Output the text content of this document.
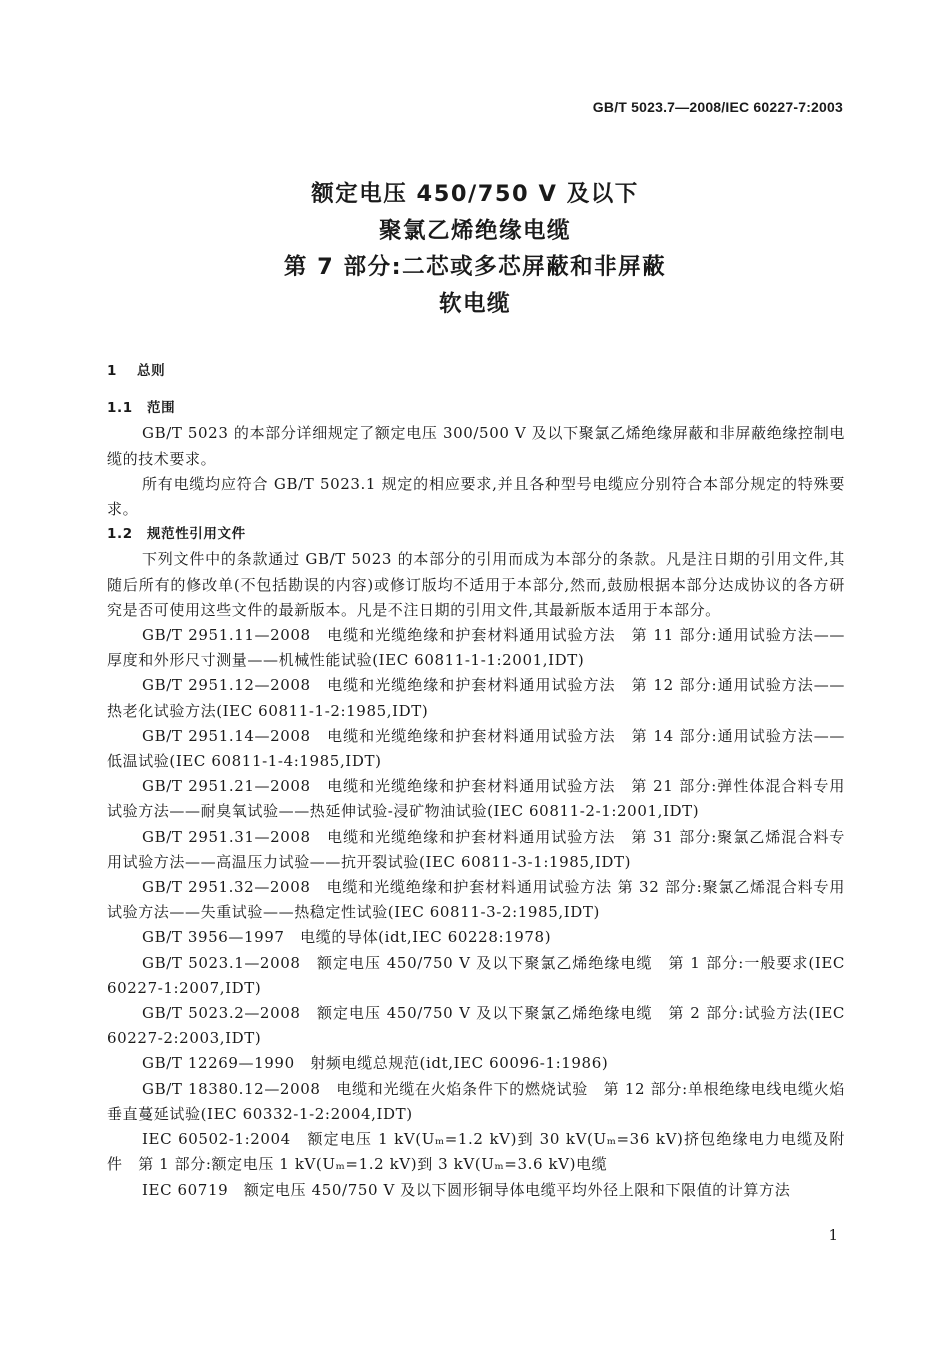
GB/T 5023.7—2008/IEC 60227-7:2003
额定电压 450/750 V 及以下
聚氯乙烯绝缘电缆
第 7 部分:二芯或多芯屏蔽和非屏蔽
软电缆
1 总则
1.1 范围

GB/T 5023 的本部分详细规定了额定电压 300/500 V 及以下聚氯乙烯绝缘屏蔽和非屏蔽绝缘控制电缆的技术要求。

所有电缆均应符合 GB/T 5023.1 规定的相应要求,并且各种型号电缆应分别符合本部分规定的特殊要求。

1.2 规范性引用文件

下列文件中的条款通过 GB/T 5023 的本部分的引用而成为本部分的条款。凡是注日期的引用文件,其随后所有的修改单(不包括勘误的内容)或修订版均不适用于本部分,然而,鼓励根据本部分达成协议的各方研究是否可使用这些文件的最新版本。凡是不注日期的引用文件,其最新版本适用于本部分。

GB/T 2951.11—2008　电缆和光缆绝缘和护套材料通用试验方法　第 11 部分:通用试验方法——厚度和外形尺寸测量——机械性能试验(IEC 60811-1-1:2001,IDT)

GB/T 2951.12—2008　电缆和光缆绝缘和护套材料通用试验方法　第 12 部分:通用试验方法——热老化试验方法(IEC 60811-1-2:1985,IDT)

GB/T 2951.14—2008　电缆和光缆绝缘和护套材料通用试验方法　第 14 部分:通用试验方法——低温试验(IEC 60811-1-4:1985,IDT)

GB/T 2951.21—2008　电缆和光缆绝缘和护套材料通用试验方法　第 21 部分:弹性体混合料专用试验方法——耐臭氧试验——热延伸试验-浸矿物油试验(IEC 60811-2-1:2001,IDT)

GB/T 2951.31—2008　电缆和光缆绝缘和护套材料通用试验方法　第 31 部分:聚氯乙烯混合料专用试验方法——高温压力试验——抗开裂试验(IEC 60811-3-1:1985,IDT)

GB/T 2951.32—2008　电缆和光缆绝缘和护套材料通用试验方法 第 32 部分:聚氯乙烯混合料专用试验方法——失重试验——热稳定性试验(IEC 60811-3-2:1985,IDT)

GB/T 3956—1997　电缆的导体(idt,IEC 60228:1978)

GB/T 5023.1—2008　额定电压 450/750 V 及以下聚氯乙烯绝缘电缆　第 1 部分:一般要求(IEC 60227-1:2007,IDT)

GB/T 5023.2—2008　额定电压 450/750 V 及以下聚氯乙烯绝缘电缆　第 2 部分:试验方法(IEC 60227-2:2003,IDT)

GB/T 12269—1990　射频电缆总规范(idt,IEC 60096-1:1986)

GB/T 18380.12—2008　电缆和光缆在火焰条件下的燃烧试验　第 12 部分:单根绝缘电线电缆火焰垂直蔓延试验(IEC 60332-1-2:2004,IDT)

IEC 60502-1:2004　额定电压 1 kV(Uₘ=1.2 kV)到 30 kV(Uₘ=36 kV)挤包绝缘电力电缆及附件　第 1 部分:额定电压 1 kV(Uₘ=1.2 kV)到 3 kV(Uₘ=3.6 kV)电缆

IEC 60719　额定电压 450/750 V 及以下圆形铜导体电缆平均外径上限和下限值的计算方法

1
